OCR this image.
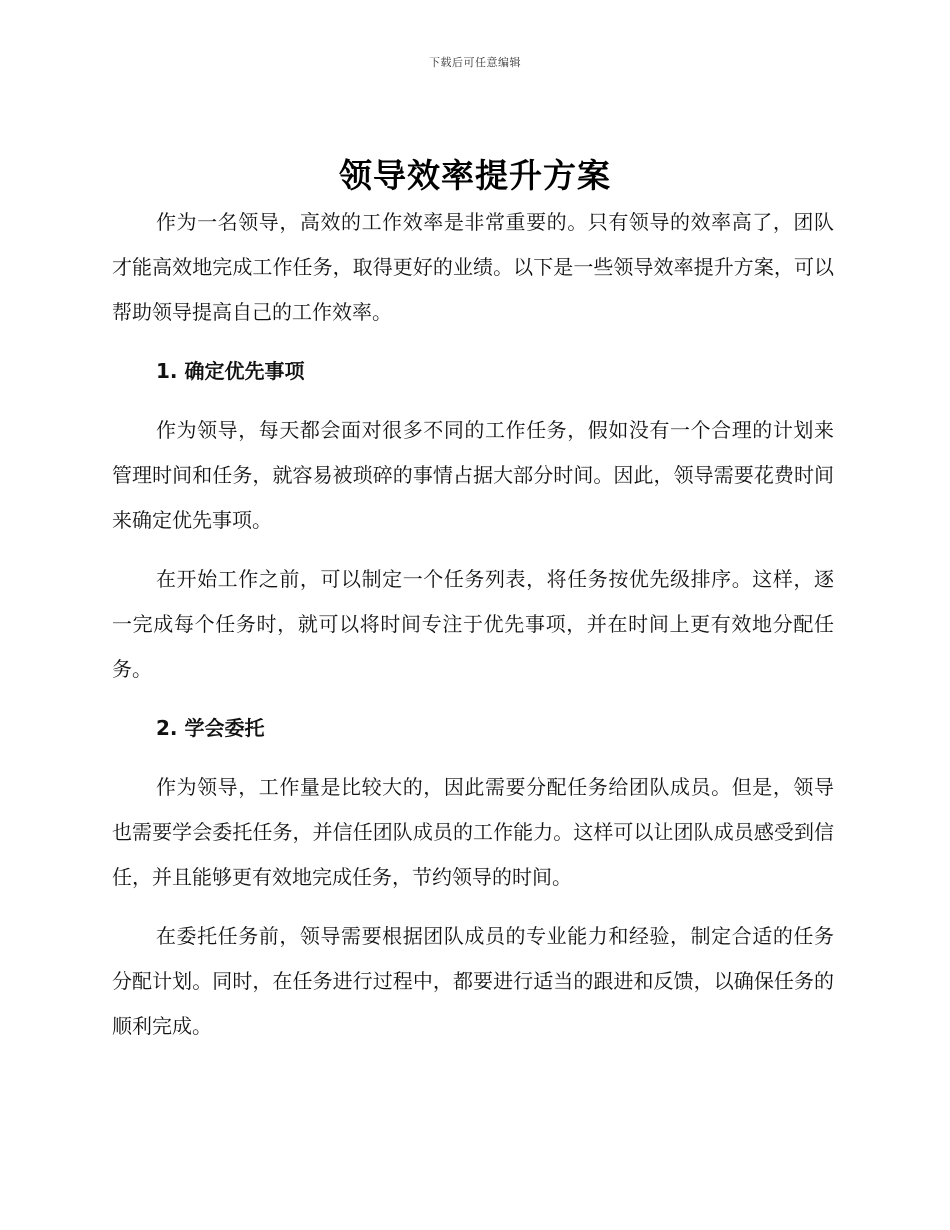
下载后可任意编辑
领导效率提升方案

作为一名领导，高效的工作效率是非常重要的。只有领导的效率高了，团队才能高效地完成工作任务，取得更好的业绩。以下是一些领导效率提升方案，可以帮助领导提高自己的工作效率。

1. 确定优先事项

作为领导，每天都会面对很多不同的工作任务，假如没有一个合理的计划来管理时间和任务，就容易被琐碎的事情占据大部分时间。因此，领导需要花费时间来确定优先事项。

在开始工作之前，可以制定一个任务列表，将任务按优先级排序。这样，逐一完成每个任务时，就可以将时间专注于优先事项，并在时间上更有效地分配任务。

2. 学会委托

作为领导，工作量是比较大的，因此需要分配任务给团队成员。但是，领导也需要学会委托任务，并信任团队成员的工作能力。这样可以让团队成员感受到信任，并且能够更有效地完成任务，节约领导的时间。

在委托任务前，领导需要根据团队成员的专业能力和经验，制定合适的任务分配计划。同时，在任务进行过程中，都要进行适当的跟进和反馈，以确保任务的顺利完成。
